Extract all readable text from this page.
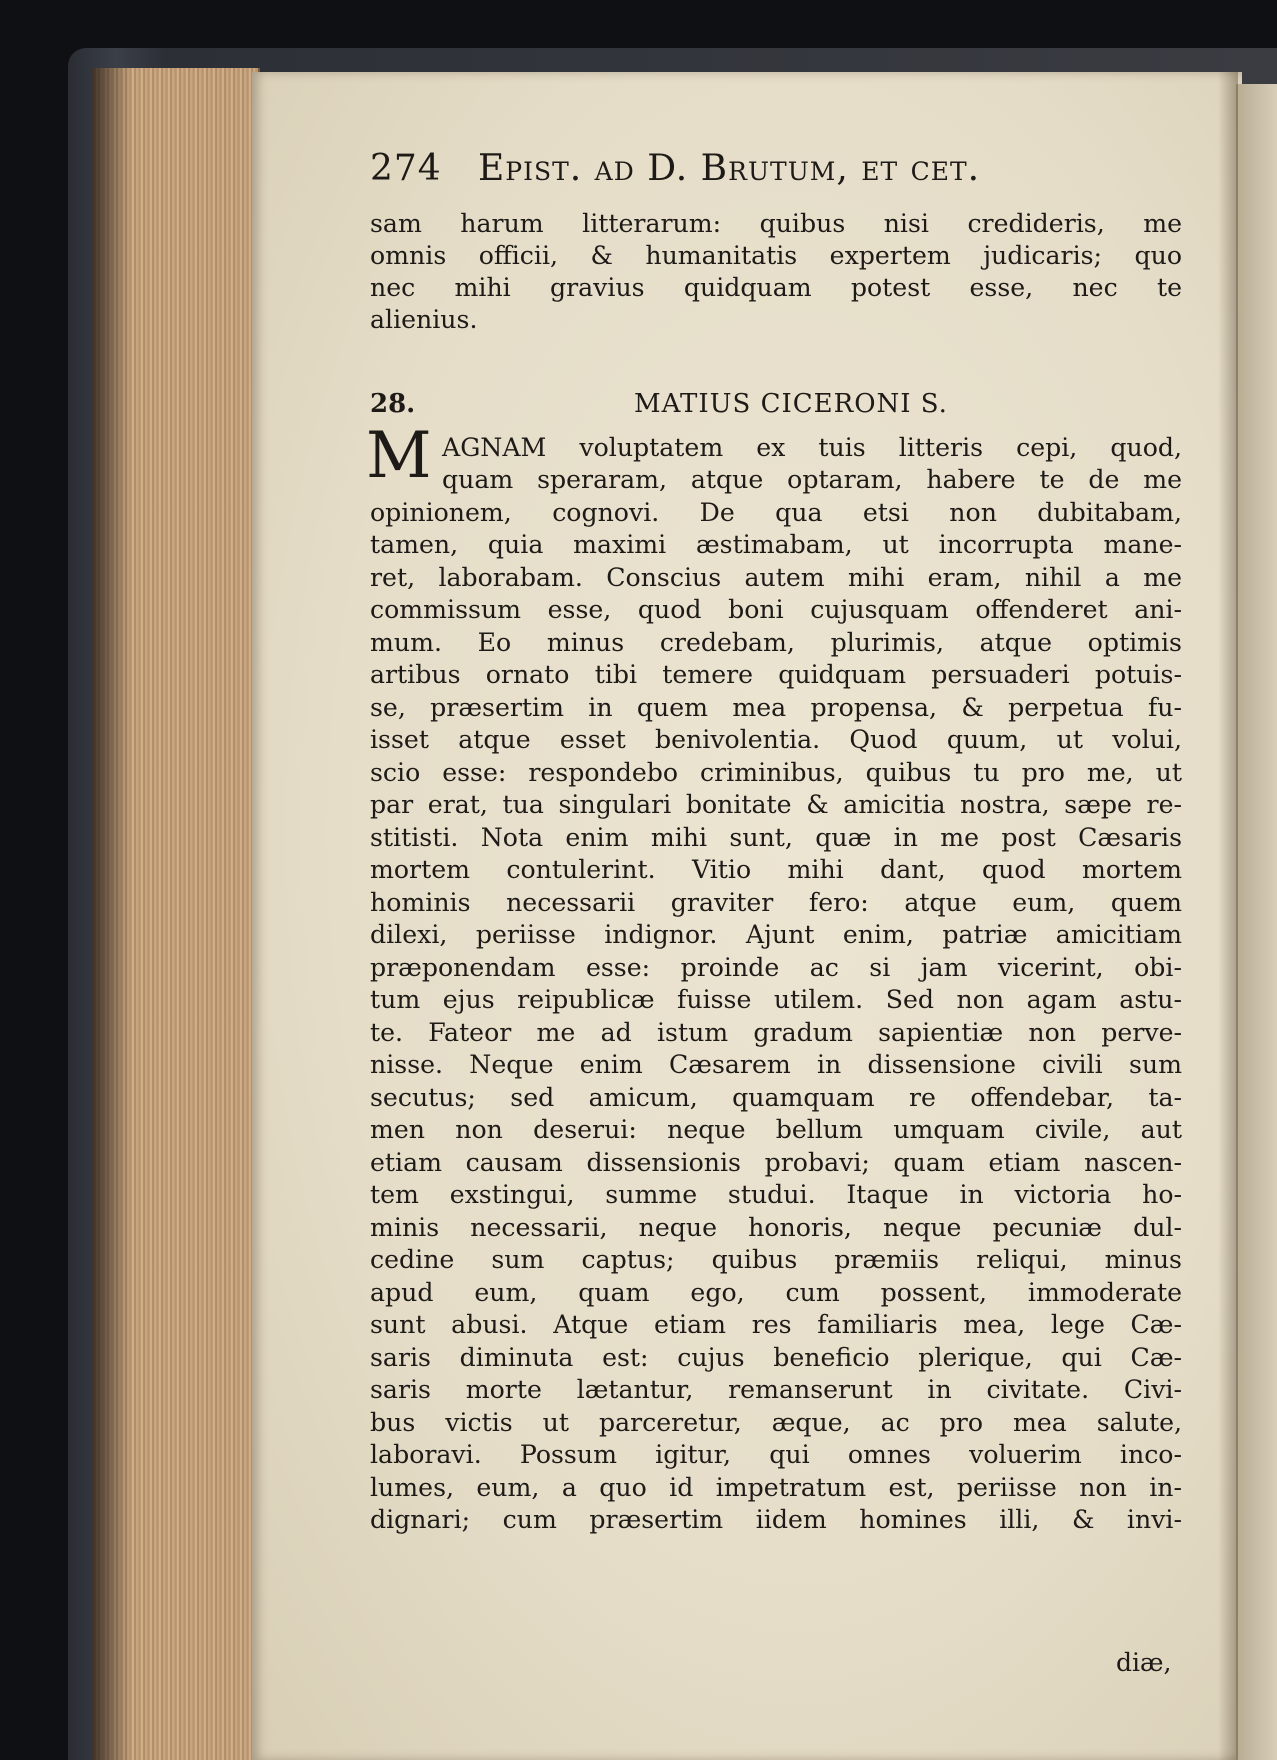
274 Epist. ad D. Brutum, et cet.
sam harum litterarum: quibus nisi credideris, me
omnis officii, & humanitatis expertem judicaris; quo
nec mihi gravius quidquam potest esse, nec te
alienius.
28.	MATIUS CICERONI S.
M AGNAM voluptatem ex tuis litteris cepi, quod,
quam speraram, atque optaram, habere te de me
opinionem, cognovi. De qua etsi non dubitabam,
tamen, quia maximi æstimabam, ut incorrupta mane-
ret, laborabam. Conscius autem mihi eram, nihil a me
commissum esse, quod boni cujusquam offenderet ani-
mum. Eo minus credebam, plurimis, atque optimis
artibus ornato tibi temere quidquam persuaderi potuis-
se, præsertim in quem mea propensa, & perpetua fu-
isset atque esset benivolentia. Quod quum, ut volui,
scio esse: respondebo criminibus, quibus tu pro me, ut
par erat, tua singulari bonitate & amicitia nostra, sæpe re-
stitisti. Nota enim mihi sunt, quæ in me post Cæsaris
mortem contulerint. Vitio mihi dant, quod mortem
hominis necessarii graviter fero: atque eum, quem
dilexi, periisse indignor. Ajunt enim, patriæ amicitiam
præponendam esse: proinde ac si jam vicerint, obi-
tum ejus reipublicæ fuisse utilem. Sed non agam astu-
te. Fateor me ad istum gradum sapientiæ non perve-
nisse. Neque enim Cæsarem in dissensione civili sum
secutus; sed amicum, quamquam re offendebar, ta-
men non deserui: neque bellum umquam civile, aut
etiam causam dissensionis probavi; quam etiam nascen-
tem exstingui, summe studui. Itaque in victoria ho-
minis necessarii, neque honoris, neque pecuniæ dul-
cedine sum captus; quibus præmiis reliqui, minus
apud eum, quam ego, cum possent, immoderate
sunt abusi. Atque etiam res familiaris mea, lege Cæ-
saris diminuta est: cujus beneficio plerique, qui Cæ-
saris morte lætantur, remanserunt in civitate. Civi-
bus victis ut parceretur, æque, ac pro mea salute,
laboravi. Possum igitur, qui omnes voluerim inco-
lumes, eum, a quo id impetratum est, periisse non in-
dignari; cum præsertim iidem homines illi, & invi-
diæ,
